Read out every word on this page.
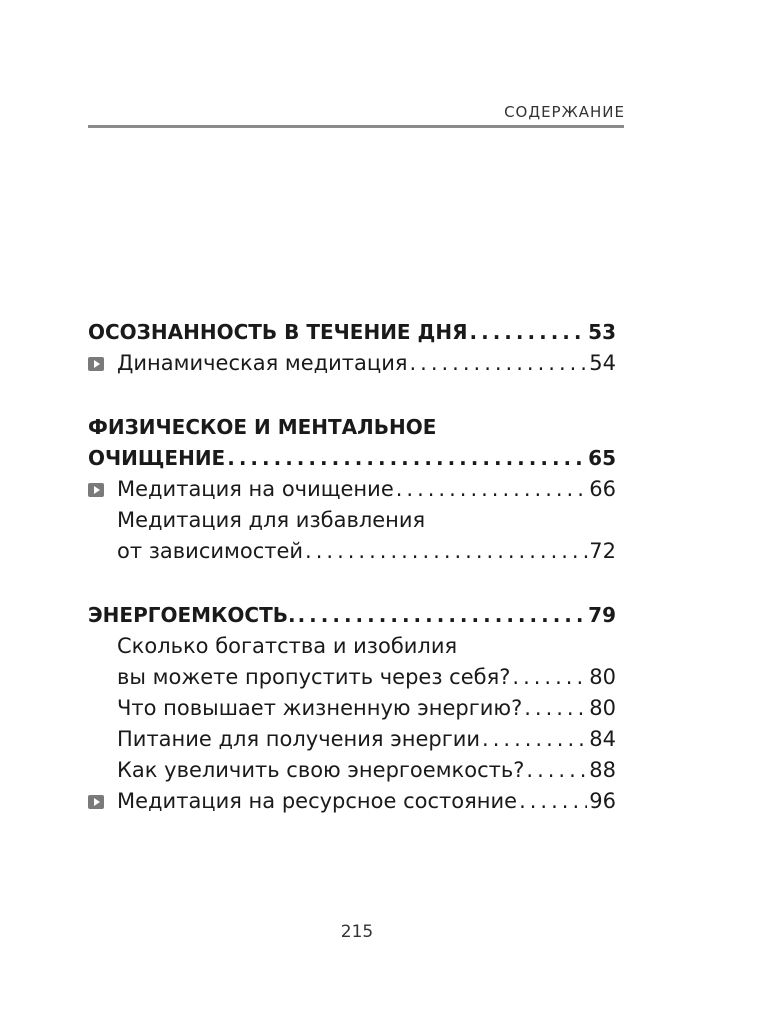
СОДЕРЖАНИЕ
ОСОЗНАННОСТЬ В ТЕЧЕНИЕ ДНЯ .....	53
Динамическая медитация .....	54
ФИЗИЧЕСКОЕ И МЕНТАЛЬНОЕ
ОЧИЩЕНИЕ .....	65
Медитация на очищение .....	66
Медитация для избавления
от зависимостей .....	72
ЭНЕРГОЕМКОСТЬ. .....	79
Сколько богатства и изобилия
вы можете пропустить через себя? .....	80
Что повышает жизненную энергию? .....	80
Питание для получения энергии .....	84
Как увеличить свою энергоемкость? .....	88
Медитация на ресурсное состояние .....	96
215
